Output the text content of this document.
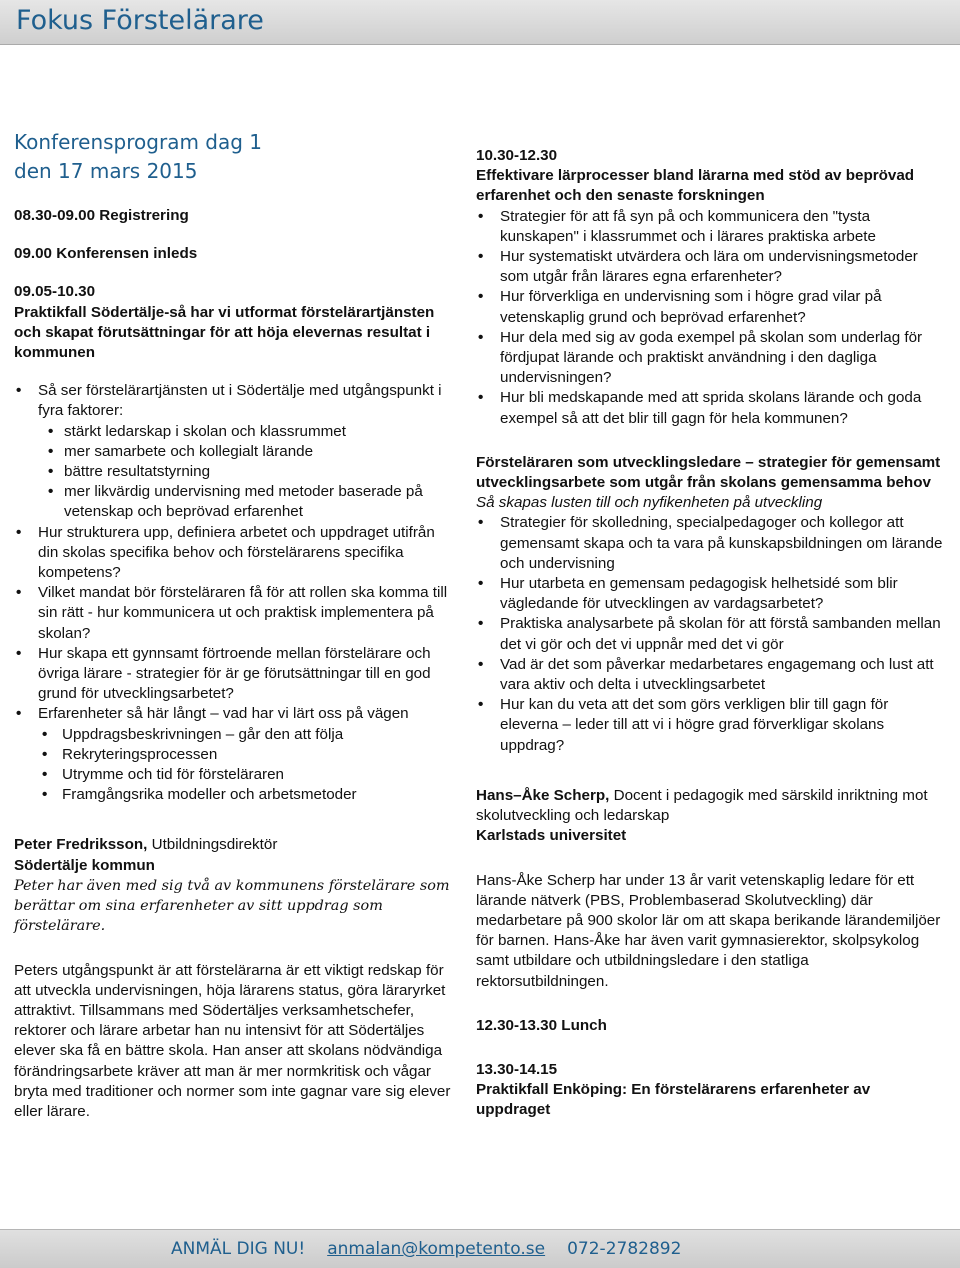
Fokus Förstelärare
Konferensprogram dag 1
den 17 mars 2015

08.30-09.00 Registrering

09.00 Konferensen inleds

09.05-10.30

Praktikfall Södertälje-så har vi utformat förstelärartjänsten och skapat förutsättningar för att höja elevernas resultat i kommunen

• Så ser förstelärartjänsten ut i Södertälje med utgångspunkt i fyra faktorer:
• stärkt ledarskap i skolan och klassrummet
• mer samarbete och kollegialt lärande
• bättre resultatstyrning
• mer likvärdig undervisning med metoder baserade på vetenskap och beprövad erfarenhet
• Hur strukturera upp, definiera arbetet och uppdraget utifrån din skolas specifika behov och förstelärarens specifika kompetens?
• Vilket mandat bör försteläraren få för att rollen ska komma till sin rätt - hur kommunicera ut och praktisk implementera på skolan?
• Hur skapa ett gynnsamt förtroende mellan förstelärare och övriga lärare - strategier för är ge förutsättningar till en god grund för utvecklingsarbetet?
• Erfarenheter så här långt – vad har vi lärt oss på vägen
• Uppdragsbeskrivningen – går den att följa
• Rekryteringsprocessen
• Utrymme och tid för försteläraren
• Framgångsrika modeller och arbetsmetoder

Peter Fredriksson, Utbildningsdirektör

Södertälje kommun

Peter har även med sig två av kommunens förstelärare som berättar om sina erfarenheter av sitt uppdrag som förstelärare.

Peters utgångspunkt är att förstelärarna är ett viktigt redskap för att utveckla undervisningen, höja lärarens status, göra läraryrket attraktivt. Tillsammans med Södertäljes verksamhetschefer, rektorer och lärare arbetar han nu intensivt för att Södertäljes elever ska få en bättre skola. Han anser att skolans nödvändiga förändringsarbete kräver att man är mer normkritisk och vågar bryta med traditioner och normer som inte gagnar vare sig elever eller lärare.

10.30-12.30

Effektivare lärprocesser bland lärarna med stöd av beprövad erfarenhet och den senaste forskningen

• Strategier för att få syn på och kommunicera den "tysta kunskapen" i klassrummet och i lärares praktiska arbete
• Hur systematiskt utvärdera och lära om undervisningsmetoder som utgår från lärares egna erfarenheter?
• Hur förverkliga en undervisning som i högre grad vilar på vetenskaplig grund och beprövad erfarenhet?
• Hur dela med sig av goda exempel på skolan som underlag för fördjupat lärande och praktiskt användning i den dagliga undervisningen?
• Hur bli medskapande med att sprida skolans lärande och goda exempel så att det blir till gagn för hela kommunen?

Försteläraren som utvecklingsledare – strategier för gemensamt utvecklingsarbete som utgår från skolans gemensamma behov

Så skapas lusten till och nyfikenheten på utveckling

• Strategier för skolledning, specialpedagoger och kollegor att gemensamt skapa och ta vara på kunskapsbildningen om lärande och undervisning
• Hur utarbeta en gemensam pedagogisk helhetsidé som blir vägledande för utvecklingen av vardagsarbetet?
• Praktiska analysarbete på skolan för att förstå sambanden mellan det vi gör och det vi uppnår med det vi gör
• Vad är det som påverkar medarbetares engagemang och lust att vara aktiv och delta i utvecklingsarbetet
• Hur kan du veta att det som görs verkligen blir till gagn för eleverna – leder till att vi i högre grad förverkligar skolans uppdrag?

Hans–Åke Scherp, Docent i pedagogik med särskild inriktning mot skolutveckling och ledarskap

Karlstads universitet

Hans-Åke Scherp har under 13 år varit vetenskaplig ledare för ett lärande nätverk (PBS, Problembaserad Skolutveckling) där medarbetare på 900 skolor lär om att skapa berikande lärandemiljöer för barnen. Hans-Åke har även varit gymnasierektor, skolpsykolog samt utbildare och utbildningsledare i den statliga rektorsutbildningen.

12.30-13.30 Lunch

13.30-14.15

Praktikfall Enköping: En förstelärarens erfarenheter av uppdraget

ANMÄL DIG NU! anmalan@kompetento.se 072-2782892
